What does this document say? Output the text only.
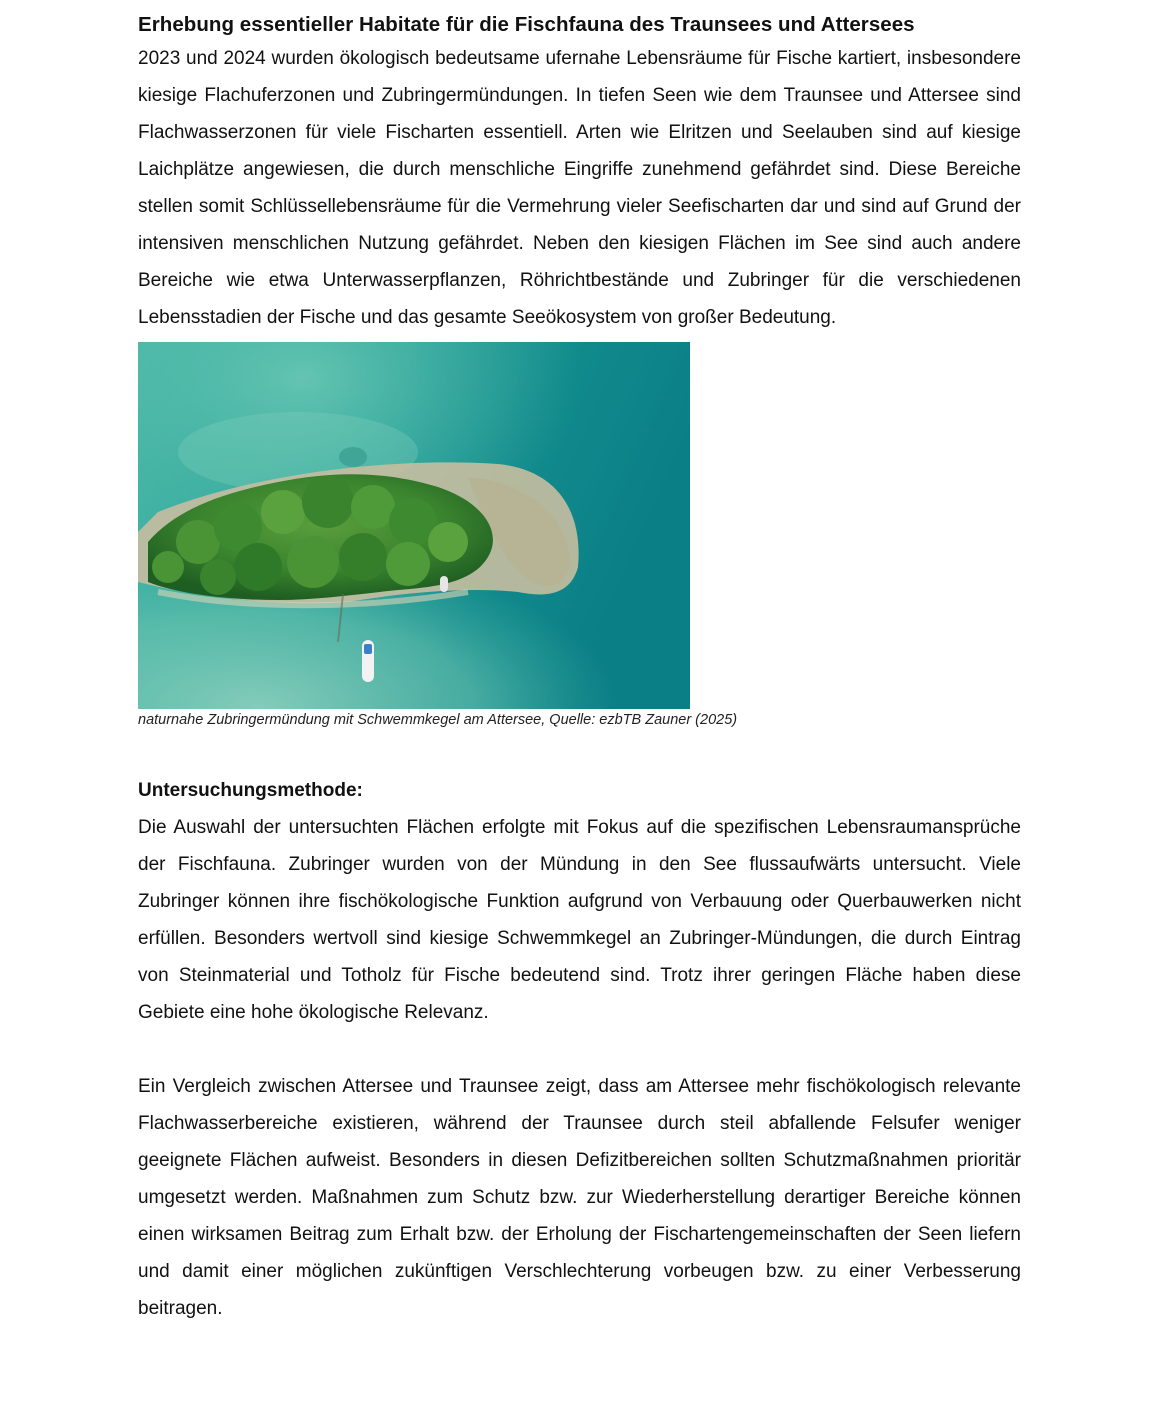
Erhebung essentieller Habitate für die Fischfauna des Traunsees und Attersees

2023 und 2024 wurden ökologisch bedeutsame ufernahe Lebensräume für Fische kartiert, insbesondere kiesige Flachuferzonen und Zubringermündungen. In tiefen Seen wie dem Traunsee und Attersee sind Flachwasserzonen für viele Fischarten essentiell. Arten wie Elritzen und Seelauben sind auf kiesige Laichplätze angewiesen, die durch menschliche Eingriffe zunehmend gefährdet sind. Diese Bereiche stellen somit Schlüssellebensräume für die Vermehrung vieler Seefischarten dar und sind auf Grund der intensiven menschlichen Nutzung gefährdet. Neben den kiesigen Flächen im See sind auch andere Bereiche wie etwa Unterwasserpflanzen, Röhrichtbestände und Zubringer für die verschiedenen Lebensstadien der Fische und das gesamte Seeökosystem von großer Bedeutung.

naturnahe Zubringermündung mit Schwemmkegel am Attersee, Quelle: ezbTB Zauner (2025)
Untersuchungsmethode:

Die Auswahl der untersuchten Flächen erfolgte mit Fokus auf die spezifischen Lebensraumansprüche der Fischfauna. Zubringer wurden von der Mündung in den See flussaufwärts untersucht. Viele Zubringer können ihre fischökologische Funktion aufgrund von Verbauung oder Querbauwerken nicht erfüllen. Besonders wertvoll sind kiesige Schwemmkegel an Zubringer-Mündungen, die durch Eintrag von Steinmaterial und Totholz für Fische bedeutend sind. Trotz ihrer geringen Fläche haben diese Gebiete eine hohe ökologische Relevanz.

Ein Vergleich zwischen Attersee und Traunsee zeigt, dass am Attersee mehr fischökologisch relevante Flachwasserbereiche existieren, während der Traunsee durch steil abfallende Felsufer weniger geeignete Flächen aufweist. Besonders in diesen Defizitbereichen sollten Schutzmaßnahmen prioritär umgesetzt werden. Maßnahmen zum Schutz bzw. zur Wiederherstellung derartiger Bereiche können einen wirksamen Beitrag zum Erhalt bzw. der Erholung der Fischartengemeinschaften der Seen liefern und damit einer möglichen zukünftigen Verschlechterung vorbeugen bzw. zu einer Verbesserung beitragen.
